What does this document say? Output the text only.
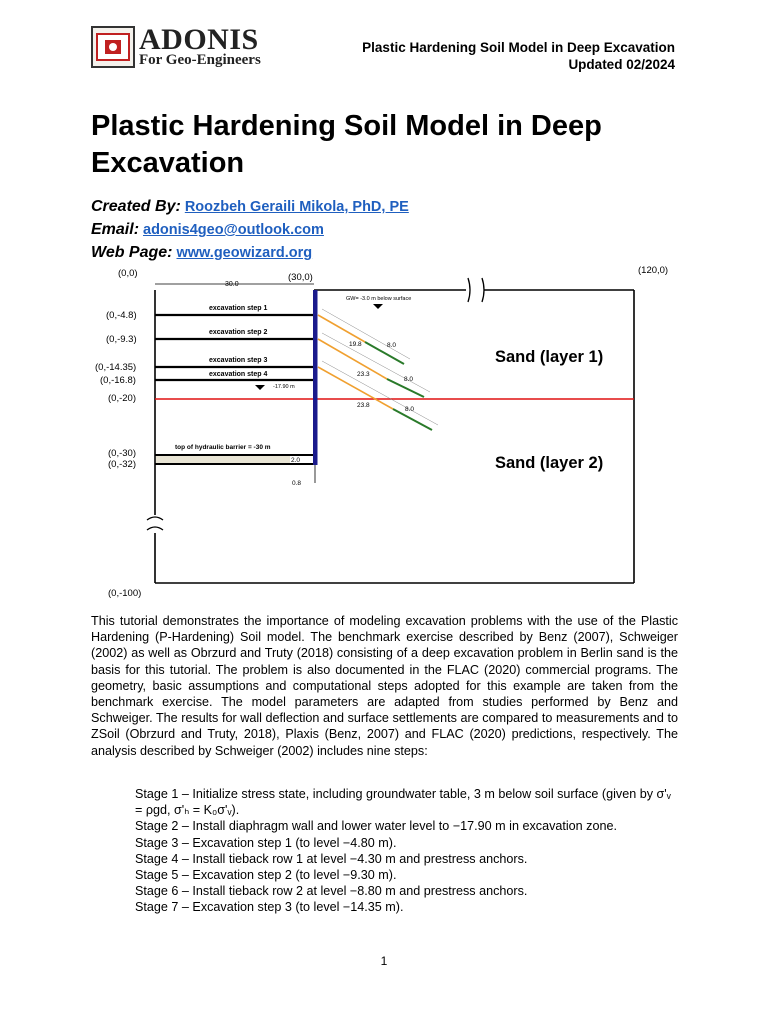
ADONIS
For Geo-Engineers
Plastic Hardening Soil Model in Deep Excavation
Updated 02/2024
Plastic Hardening Soil Model in Deep Excavation
Created By: Roozbeh Geraili Mikola, PhD, PE
Email: adonis4geo@outlook.com
Web Page: www.geowizard.org
30.0
excavation step 1
excavation step 2
excavation step 3
excavation step 4
-17.90 m
top of hydraulic barrier = -30 m
GW= -3.0 m below surface
2.0
0.8
19.8	8.0
23.3
8.0
23.8
8.0
Sand (layer 1)
Sand (layer 2)
(0,0)	(30,0)
(120,0)
(0,-4.8)
(0,-9.3)
(0,-14.35)
(0,-16.8)
(0,-20)
(0,-30)
(0,-32)
(0,-100)
This tutorial demonstrates the importance of modeling excavation problems with the use of the Plastic Hardening (P-Hardening) Soil model. The benchmark exercise described by Benz (2007), Schweiger (2002) as well as Obrzurd and Truty (2018) consisting of a deep excavation problem in Berlin sand is the basis for this tutorial. The problem is also documented in the FLAC (2020) commercial programs. The geometry, basic assumptions and computational steps adopted for this example are taken from the benchmark exercise. The model parameters are adapted from studies performed by Benz and Schweiger. The results for wall deflection and surface settlements are compared to measurements and to ZSoil (Obrzurd and Truty, 2018), Plaxis (Benz, 2007) and FLAC (2020) predictions, respectively. The analysis described by Schweiger (2002) includes nine steps:
Stage 1 – Initialize stress state, including groundwater table, 3 m below soil surface (given by σ'ᵥ = ρgd, σ'ₕ = K₀σ'ᵥ).
Stage 2 – Install diaphragm wall and lower water level to −17.90 m in excavation zone.
Stage 3 – Excavation step 1 (to level −4.80 m).
Stage 4 – Install tieback row 1 at level −4.30 m and prestress anchors.
Stage 5 – Excavation step 2 (to level −9.30 m).
Stage 6 – Install tieback row 2 at level −8.80 m and prestress anchors.
Stage 7 – Excavation step 3 (to level −14.35 m).
1
